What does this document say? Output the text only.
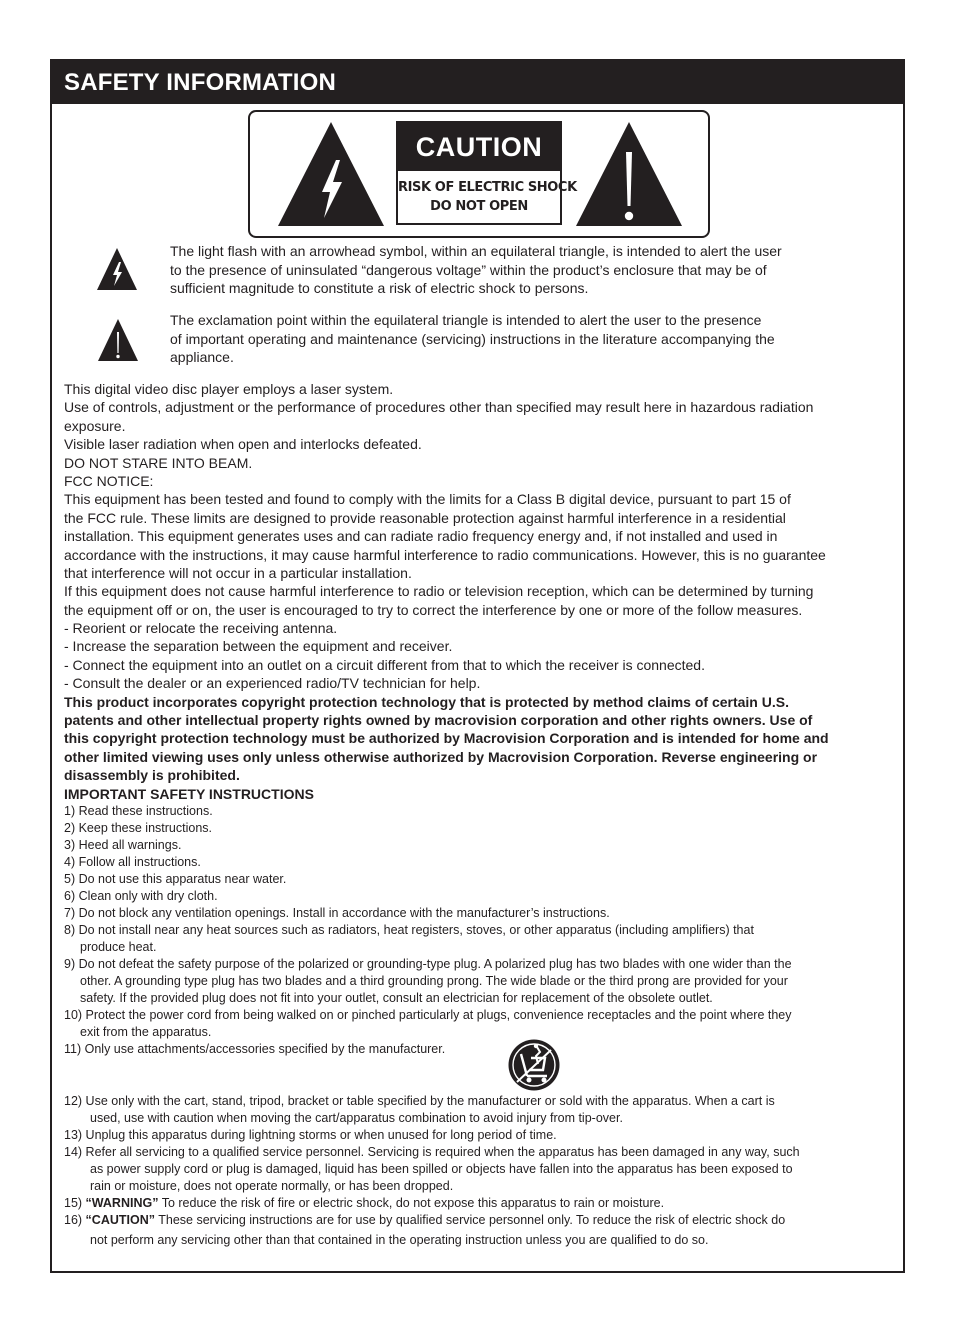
SAFETY INFORMATION
CAUTION
RISK OF ELECTRIC SHOCK
DO NOT OPEN
The light flash with an arrowhead symbol, within an equilateral triangle, is intended to alert the user
to the presence of uninsulated “dangerous voltage” within the product’s enclosure that may be of
sufficient magnitude to constitute a risk of electric shock to persons.
The exclamation point within the equilateral triangle is intended to alert the user to the presence
of important operating and maintenance (servicing) instructions in the literature accompanying the
appliance.
This digital video disc player employs a laser system.
Use of controls, adjustment or the performance of procedures other than specified may result here in hazardous radiation
exposure.
Visible laser radiation when open and interlocks defeated.
DO NOT STARE INTO BEAM.
FCC NOTICE:
This equipment has been tested and found to comply with the limits for a Class B digital device, pursuant to part 15 of
the FCC rule. These limits are designed to provide reasonable protection against harmful interference in a residential
installation. This equipment generates uses and can radiate radio frequency energy and, if not installed and used in
accordance with the instructions, it may cause harmful interference to radio communications. However, this is no guarantee
that interference will not occur in a particular installation.
If this equipment does not cause harmful interference to radio or television reception, which can be determined by turning
the equipment off or on, the user is encouraged to try to correct the interference by one or more of the follow measures.
- Reorient or relocate the receiving antenna.
- Increase the separation between the equipment and receiver.
- Connect the equipment into an outlet on a circuit different from that to which the receiver is connected.
- Consult the dealer or an experienced radio/TV technician for help.
This product incorporates copyright protection technology that is protected by method claims of certain U.S.
patents and other intellectual property rights owned by macrovision corporation and other rights owners. Use of
this copyright protection technology must be authorized by Macrovision Corporation and is intended for home and
other limited viewing uses only unless otherwise authorized by Macrovision Corporation. Reverse engineering or
disassembly is prohibited.
IMPORTANT SAFETY INSTRUCTIONS
1) Read these instructions.
2) Keep these instructions.
3) Heed all warnings.
4) Follow all instructions.
5) Do not use this apparatus near water.
6) Clean only with dry cloth.
7) Do not block any ventilation openings. Install in accordance with the manufacturer’s instructions.
8) Do not install near any heat sources such as radiators, heat registers, stoves, or other apparatus (including amplifiers) that
produce heat.
9) Do not defeat the safety purpose of the polarized or grounding-type plug. A polarized plug has two blades with one wider than the
other. A grounding type plug has two blades and a third grounding prong. The wide blade or the third prong are provided for your
safety. If the provided plug does not fit into your outlet, consult an electrician for replacement of the obsolete outlet.
10) Protect the power cord from being walked on or pinched particularly at plugs, convenience receptacles and the point where they
exit from the apparatus.
11) Only use attachments/accessories specified by the manufacturer.
12) Use only with the cart, stand, tripod, bracket or table specified by the manufacturer or sold with the apparatus. When a cart is
used, use with caution when moving the cart/apparatus combination to avoid injury from tip-over.
13) Unplug this apparatus during lightning storms or when unused for long period of time.
14) Refer all servicing to a qualified service personnel. Servicing is required when the apparatus has been damaged in any way, such
as power supply cord or plug is damaged, liquid has been spilled or objects have fallen into the apparatus has been exposed to
rain or moisture, does not operate normally, or has been dropped.
15) “WARNING” To reduce the risk of fire or electric shock, do not expose this apparatus to rain or moisture.
16) “CAUTION” These servicing instructions are for use by qualified service personnel only. To reduce the risk of electric shock do
not perform any servicing other than that contained in the operating instruction unless you are qualified to do so.
